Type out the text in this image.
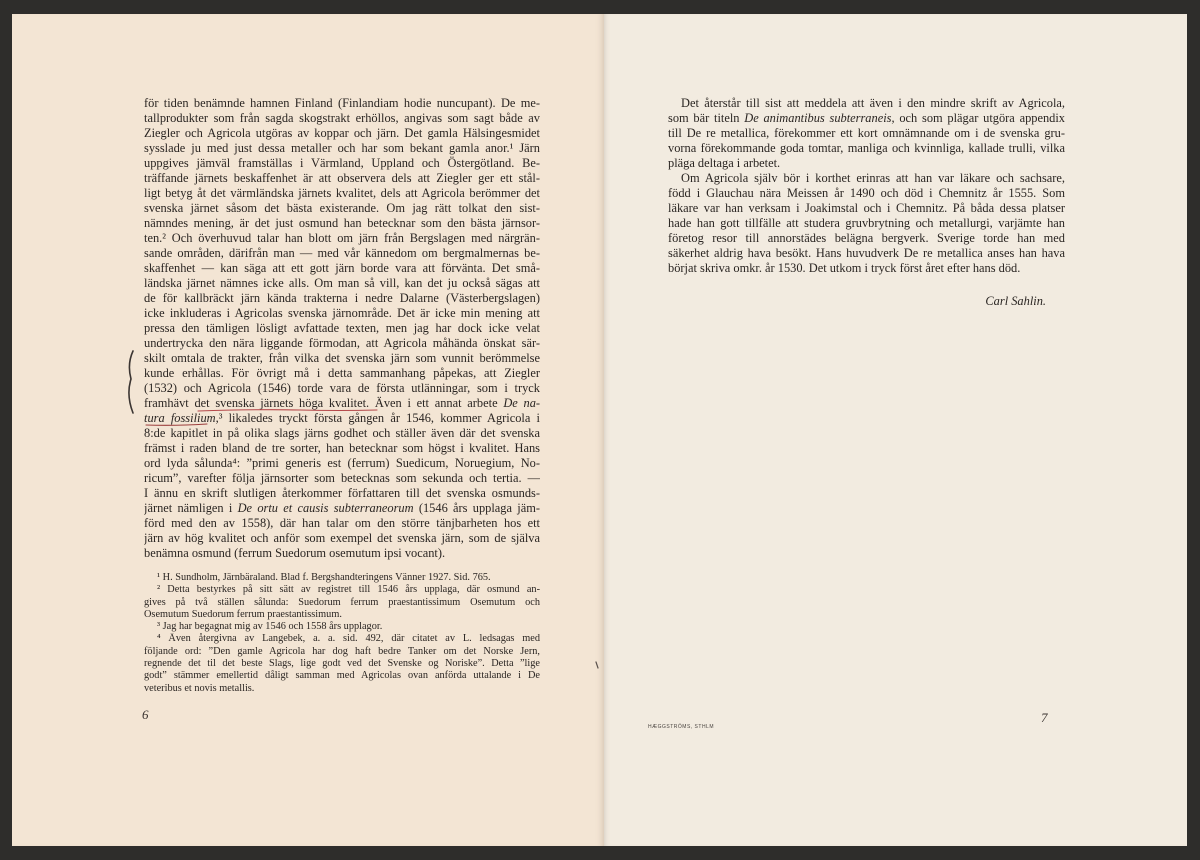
för tiden benämnde hamnen Finland (Finlandiam hodie nuncupant). De me-
tallprodukter som från sagda skogstrakt erhöllos, angivas som sagt både av
Ziegler och Agricola utgöras av koppar och järn. Det gamla Hälsingesmidet
sysslade ju med just dessa metaller och har som bekant gamla anor.¹ Järn
uppgives jämväl framställas i Värmland, Uppland och Östergötland. Be-
träffande järnets beskaffenhet är att observera dels att Ziegler ger ett stål-
ligt betyg åt det värmländska järnets kvalitet, dels att Agricola berömmer det
svenska järnet såsom det bästa existerande. Om jag rätt tolkat den sist-
nämndes mening, är det just osmund han betecknar som den bästa järnsor-
ten.² Och överhuvud talar han blott om järn från Bergslagen med närgrän-
sande områden, därifrån man — med vår kännedom om bergmalmernas be-
skaffenhet — kan säga att ett gott järn borde vara att förvänta. Det små-
ländska järnet nämnes icke alls. Om man så vill, kan det ju också sägas att
de för kallbräckt järn kända trakterna i nedre Dalarne (Västerbergslagen)
icke inkluderas i Agricolas svenska järnområde. Det är icke min mening att
pressa den tämligen lösligt avfattade texten, men jag har dock icke velat
undertrycka den nära liggande förmodan, att Agricola måhända önskat sär-
skilt omtala de trakter, från vilka det svenska järn som vunnit berömmelse
kunde erhållas. För övrigt må i detta sammanhang påpekas, att Ziegler
(1532) och Agricola (1546) torde vara de första utlänningar, som i tryck
framhävt det svenska järnets höga kvalitet. Även i ett annat arbete De na-
tura fossilium,³ likaledes tryckt första gången år 1546, kommer Agricola i
8:de kapitlet in på olika slags järns godhet och ställer även där det svenska
främst i raden bland de tre sorter, han betecknar som högst i kvalitet. Hans
ord lyda sålunda⁴: ”primi generis est (ferrum) Suedicum, Noruegium, No-
ricum”, varefter följa järnsorter som betecknas som sekunda och tertia. —
I ännu en skrift slutligen återkommer författaren till det svenska osmunds-
järnet nämligen i De ortu et causis subterraneorum (1546 års upplaga jäm-
förd med den av 1558), där han talar om den större tänjbarheten hos ett
järn av hög kvalitet och anför som exempel det svenska järn, som de själva
benämna osmund (ferrum Suedorum osemutum ipsi vocant).
¹ H. Sundholm, Järnbäraland. Blad f. Bergshandteringens Vänner 1927. Sid. 765.
² Detta bestyrkes på sitt sätt av registret till 1546 års upplaga, där osmund an-
gives på två ställen sålunda: Suedorum ferrum praestantissimum Osemutum och
Osemutum Suedorum ferrum praestantissimum.
³ Jag har begagnat mig av 1546 och 1558 års upplagor.
⁴ Även återgivna av Langebek, a. a. sid. 492, där citatet av L. ledsagas med
följande ord: ”Den gamle Agricola har dog haft bedre Tanker om det Norske Jern,
regnende det til det beste Slags, lige godt ved det Svenske og Noriske”. Detta ”lige
godt” stämmer emellertid dåligt samman med Agricolas ovan anförda uttalande i De
veteribus et novis metallis.
6
Det återstår till sist att meddela att även i den mindre skrift av Agricola,
som bär titeln De animantibus subterraneis, och som plägar utgöra appendix
till De re metallica, förekommer ett kort omnämnande om i de svenska gru-
vorna förekommande goda tomtar, manliga och kvinnliga, kallade trulli, vilka
pläga deltaga i arbetet.
Om Agricola själv bör i korthet erinras att han var läkare och sachsare,
född i Glauchau nära Meissen år 1490 och död i Chemnitz år 1555. Som
läkare var han verksam i Joakimstal och i Chemnitz. På båda dessa platser
hade han gott tillfälle att studera gruvbrytning och metallurgi, varjämte han
företog resor till annorstädes belägna bergverk. Sverige torde han med
säkerhet aldrig hava besökt. Hans huvudverk De re metallica anses han hava
börjat skriva omkr. år 1530. Det utkom i tryck först året efter hans död.
Carl Sahlin.
HÆGGSTRÖMS, STHLM
7
